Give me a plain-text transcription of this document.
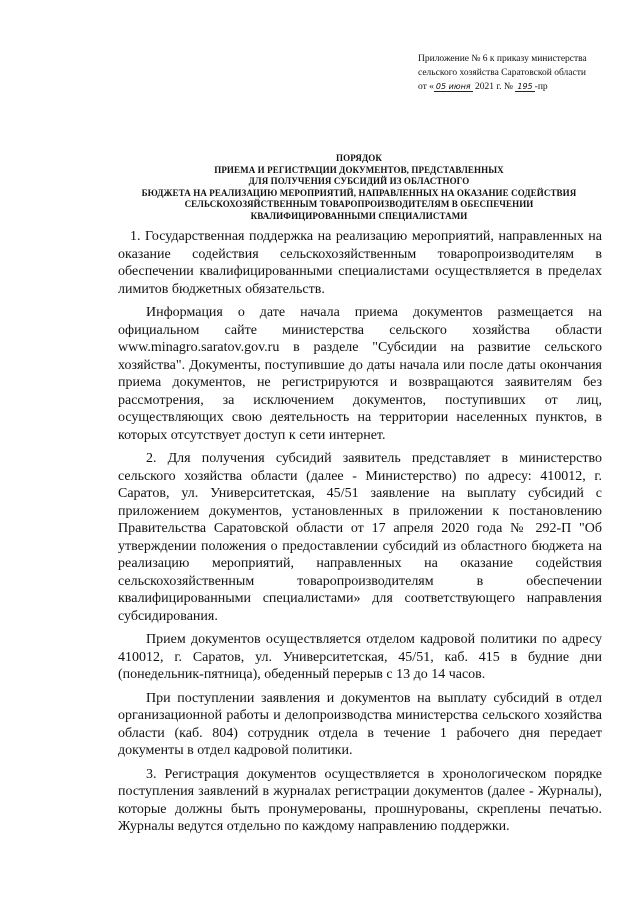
Приложение № 6 к приказу министерства
сельского хозяйства Саратовской области
от « 05 июня 2021 г. № 195 -пр
ПОРЯДОК
ПРИЕМА И РЕГИСТРАЦИИ ДОКУМЕНТОВ, ПРЕДСТАВЛЕННЫХ
ДЛЯ ПОЛУЧЕНИЯ СУБСИДИЙ ИЗ ОБЛАСТНОГО
БЮДЖЕТА НА РЕАЛИЗАЦИЮ МЕРОПРИЯТИЙ, НАПРАВЛЕННЫХ НА ОКАЗАНИЕ СОДЕЙСТВИЯ
СЕЛЬСКОХОЗЯЙСТВЕННЫМ ТОВАРОПРОИЗВОДИТЕЛЯМ В ОБЕСПЕЧЕНИИ
КВАЛИФИЦИРОВАННЫМИ СПЕЦИАЛИСТАМИ

1. Государственная поддержка на реализацию мероприятий, направленных на оказание содействия сельскохозяйственным товаропроизводителям в обеспечении квалифицированными специалистами осуществляется в пределах лимитов бюджетных обязательств.

Информация о дате начала приема документов размещается на официальном сайте министерства сельского хозяйства области www.minagro.saratov.gov.ru в разделе "Субсидии на развитие сельского хозяйства". Документы, поступившие до даты начала или после даты окончания приема документов, не регистрируются и возвращаются заявителям без рассмотрения, за исключением документов, поступивших от лиц, осуществляющих свою деятельность на территории населенных пунктов, в которых отсутствует доступ к сети интернет.

2. Для получения субсидий заявитель представляет в министерство сельского хозяйства области (далее - Министерство) по адресу: 410012, г. Саратов, ул. Университетская, 45/51 заявление на выплату субсидий с приложением документов, установленных в приложении к постановлению Правительства Саратовской области от 17 апреля 2020 года № 292-П "Об утверждении положения о предоставлении субсидий из областного бюджета на реализацию мероприятий, направленных на оказание содействия сельскохозяйственным товаропроизводителям в обеспечении квалифицированными специалистами» для соответствующего направления субсидирования.

Прием документов осуществляется отделом кадровой политики по адресу 410012, г. Саратов, ул. Университетская, 45/51, каб. 415 в будние дни (понедельник-пятница), обеденный перерыв с 13 до 14 часов.

При поступлении заявления и документов на выплату субсидий в отдел организационной работы и делопроизводства министерства сельского хозяйства области (каб. 804) сотрудник отдела в течение 1 рабочего дня передает документы в отдел кадровой политики.

3. Регистрация документов осуществляется в хронологическом порядке поступления заявлений в журналах регистрации документов (далее - Журналы), которые должны быть пронумерованы, прошнурованы, скреплены печатью. Журналы ведутся отдельно по каждому направлению поддержки.
